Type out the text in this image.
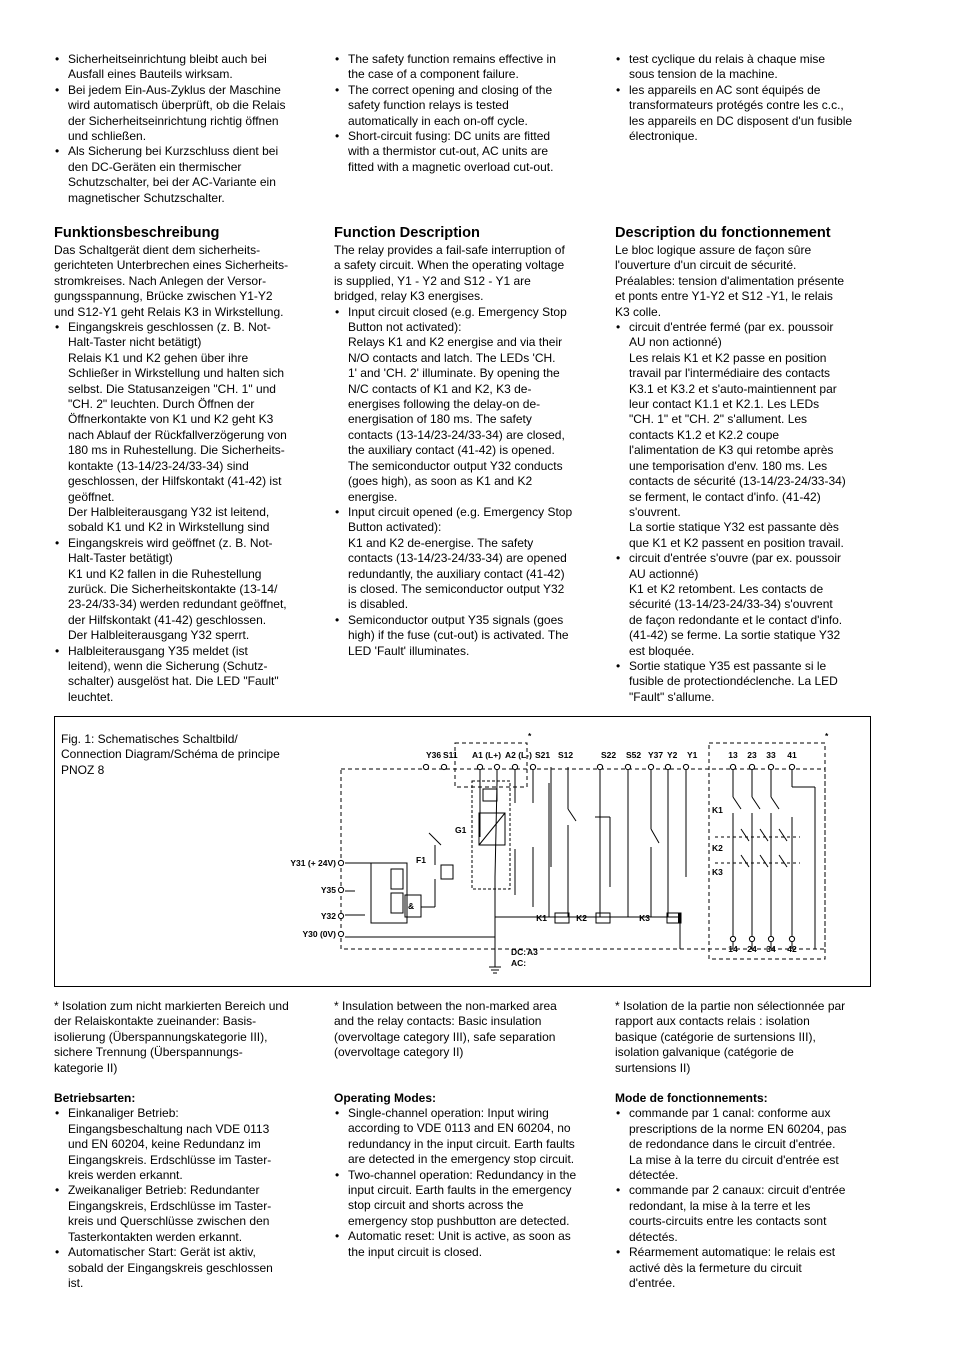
• Sicherheitseinrichtung bleibt auch bei
Ausfall eines Bauteils wirksam.
• Bei jedem Ein-Aus-Zyklus der Maschine
wird automatisch überprüft, ob die Relais
der Sicherheitseinrichtung richtig öffnen
und schließen.
• Als Sicherung bei Kurzschluss dient bei
den DC-Geräten ein thermischer
Schutzschalter, bei der AC-Variante ein
magnetischer Schutzschalter.
• The safety function remains effective in
the case of a component failure.
• The correct opening and closing of the
safety function relays is tested
automatically in each on-off cycle.
• Short-circuit fusing: DC units are fitted
with a thermistor cut-out, AC units are
fitted with a magnetic overload cut-out.
• test cyclique du relais à chaque mise
sous tension de la machine.
• les appareils en AC sont équipés de
transformateurs protégés contre les c.c.,
les appareils en DC disposent d'un fusible
électronique.
Funktionsbeschreibung

Das Schaltgerät dient dem sicherheits-
gerichteten Unterbrechen eines Sicherheits-
stromkreises. Nach Anlegen der Versor-
gungsspannung, Brücke zwischen Y1-Y2
und S12-Y1 geht Relais K3 in Wirkstellung.

• Eingangskreis geschlossen (z. B. Not-
Halt-Taster nicht betätigt)
Relais K1 und K2 gehen über ihre
Schließer in Wirkstellung und halten sich
selbst. Die Statusanzeigen "CH. 1" und
"CH. 2" leuchten. Durch Öffnen der
Öffnerkontakte von K1 und K2 geht K3
nach Ablauf der Rückfallverzögerung von
180 ms in Ruhestellung. Die Sicherheits-
kontakte (13-14/23-24/33-34) sind
geschlossen, der Hilfskontakt (41-42) ist
geöffnet.
Der Halbleiterausgang Y32 ist leitend,
sobald K1 und K2 in Wirkstellung sind
• Eingangskreis wird geöffnet (z. B. Not-
Halt-Taster betätigt)
K1 und K2 fallen in die Ruhestellung
zurück. Die Sicherheitskontakte (13-14/
23-24/33-34) werden redundant geöffnet,
der Hilfskontakt (41-42) geschlossen.
Der Halbleiterausgang Y32 sperrt.
• Halbleiterausgang Y35 meldet (ist
leitend), wenn die Sicherung (Schutz-
schalter) ausgelöst hat. Die LED "Fault"
leuchtet.
Function Description

The relay provides a fail-safe interruption of
a safety circuit. When the operating voltage
is supplied, Y1 - Y2 and S12 - Y1 are
bridged, relay K3 energises.

• Input circuit closed (e.g. Emergency Stop
Button not activated):
Relays K1 and K2 energise and via their
N/O contacts and latch. The LEDs 'CH.
1' and 'CH. 2' illuminate. By opening the
N/C contacts of K1 and K2, K3 de-
energises following the delay-on de-
energisation of 180 ms. The safety
contacts (13-14/23-24/33-34) are closed,
the auxiliary contact (41-42) is opened.
The semiconductor output Y32 conducts
(goes high), as soon as K1 and K2
energise.
• Input circuit opened (e.g. Emergency Stop
Button activated):
K1 and K2 de-energise. The safety
contacts (13-14/23-24/33-34) are opened
redundantly, the auxiliary contact (41-42)
is closed. The semiconductor output Y32
is disabled.
• Semiconductor output Y35 signals (goes
high) if the fuse (cut-out) is activated. The
LED 'Fault' illuminates.
Description du fonctionnement

Le bloc logique assure de façon sûre
l'ouverture d'un circuit de sécurité.
Préalables: tension d'alimentation présente
et ponts entre Y1-Y2 et S12 -Y1, le relais
K3 colle.

• circuit d'entrée fermé (par ex. poussoir
AU non actionné)
Les relais K1 et K2 passe en position
travail par l'intermédiaire des contacts
K3.1 et K3.2 et s'auto-maintiennent par
leur contact K1.1 et K2.1. Les LEDs
"CH. 1" et "CH. 2" s'allument. Les
contacts K1.2 et K2.2 coupe
l'alimentation de K3 qui retombe après
une temporisation d'env. 180 ms. Les
contacts de sécurité (13-14/23-24/33-34)
se ferment, le contact d'info. (41-42)
s'ouvrent.
La sortie statique Y32 est passante dès
que K1 et K2 passent en position travail.
• circuit d'entrée s'ouvre (par ex. poussoir
AU actionné)
K1 et K2 retombent. Les contacts de
sécurité (13-14/23-24/33-34) s'ouvrent
de façon redondante et le contact d'info.
(41-42) se ferme. La sortie statique Y32
est bloquée.
• Sortie statique Y35 est passante si le
fusible de protectiondéclenche. La LED
"Fault" s'allume.
Fig. 1: Schematisches Schaltbild/
Connection Diagram/Schéma de principe
PNOZ 8
Y36 S11 A1 (L+) A2 (L-) S21 S12	S22 S52 Y37 Y2 Y1	13 23 33 41
14 24 34 42
Y31 (+ 24V)
Y35
Y32
Y30 (0V)
K1	K2	K3
K1
K2
K3
G1
F1
&
DC: A3
AC:
*	*

* Isolation zum nicht markierten Bereich und
der Relaiskontakte zueinander: Basis-
isolierung (Überspannungskategorie III),
sichere Trennung (Überspannungs-
kategorie II)

Betriebsarten:

• Einkanaliger Betrieb:
Eingangsbeschaltung nach VDE 0113
und EN 60204, keine Redundanz im
Eingangskreis. Erdschlüsse im Taster-
kreis werden erkannt.
• Zweikanaliger Betrieb: Redundanter
Eingangskreis, Erdschlüsse im Taster-
kreis und Querschlüsse zwischen den
Tasterkontakten werden erkannt.
• Automatischer Start: Gerät ist aktiv,
sobald der Eingangskreis geschlossen
ist.

* Insulation between the non-marked area
and the relay contacts: Basic insulation
(overvoltage category III), safe separation
(overvoltage category II)

Operating Modes:

• Single-channel operation: Input wiring
according to VDE 0113 and EN 60204, no
redundancy in the input circuit. Earth faults
are detected in the emergency stop circuit.
• Two-channel operation: Redundancy in the
input circuit. Earth faults in the emergency
stop circuit and shorts across the
emergency stop pushbutton are detected.
• Automatic reset: Unit is active, as soon as
the input circuit is closed.

* Isolation de la partie non sélectionnée par
rapport aux contacts relais : isolation
basique (catégorie de surtensions III),
isolation galvanique (catégorie de
surtensions II)

Mode de fonctionnements:

• commande par 1 canal: conforme aux
prescriptions de la norme EN 60204, pas
de redondance dans le circuit d'entrée.
La mise à la terre du circuit d'entrée est
détectée.
• commande par 2 canaux: circuit d'entrée
redondant, la mise à la terre et les
courts-circuits entre les contacts sont
détectés.
• Réarmement automatique: le relais est
activé dès la fermeture du circuit
d'entrée.
